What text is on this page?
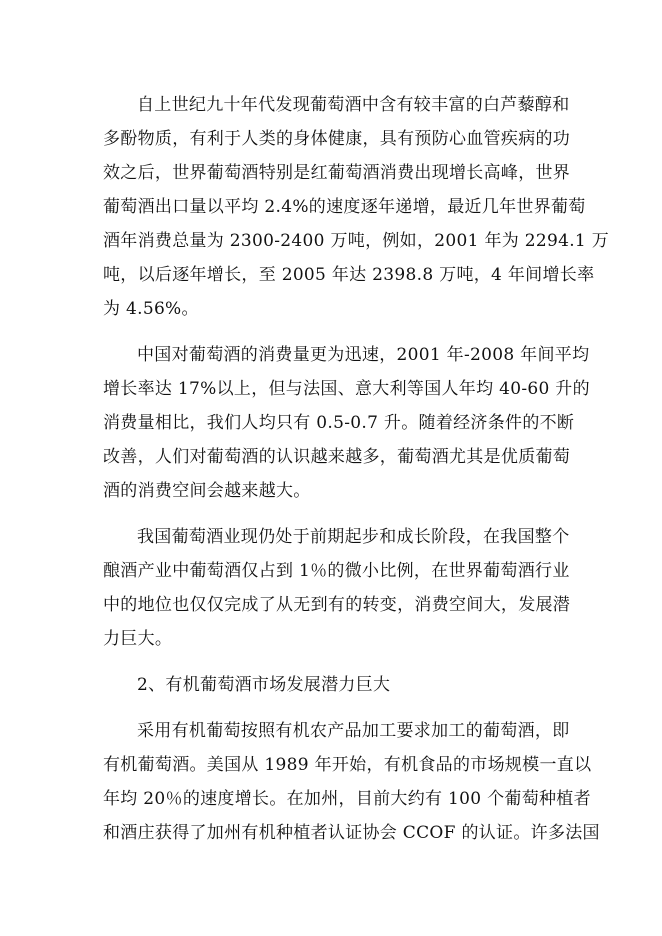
自上世纪九十年代发现葡萄酒中含有较丰富的白芦藜醇和
多酚物质，有利于人类的身体健康，具有预防心血管疾病的功
效之后，世界葡萄酒特别是红葡萄酒消费出现增长高峰，世界
葡萄酒出口量以平均 2.4%的速度逐年递增，最近几年世界葡萄
酒年消费总量为 2300-2400 万吨，例如，2001 年为 2294.1 万
吨，以后逐年增长，至 2005 年达 2398.8 万吨，4 年间增长率
为 4.56%。
中国对葡萄酒的消费量更为迅速，2001 年-2008 年间平均
增长率达 17%以上，但与法国、意大利等国人年均 40-60 升的
消费量相比，我们人均只有 0.5-0.7 升。随着经济条件的不断
改善，人们对葡萄酒的认识越来越多，葡萄酒尤其是优质葡萄
酒的消费空间会越来越大。
我国葡萄酒业现仍处于前期起步和成长阶段，在我国整个
酿酒产业中葡萄酒仅占到 1％的微小比例，在世界葡萄酒行业
中的地位也仅仅完成了从无到有的转变，消费空间大，发展潜
力巨大。
2、有机葡萄酒市场发展潜力巨大
采用有机葡萄按照有机农产品加工要求加工的葡萄酒，即
有机葡萄酒。美国从 1989 年开始，有机食品的市场规模一直以
年均 20％的速度增长。在加州，目前大约有 100 个葡萄种植者
和酒庄获得了加州有机种植者认证协会 CCOF 的认证。许多法国
